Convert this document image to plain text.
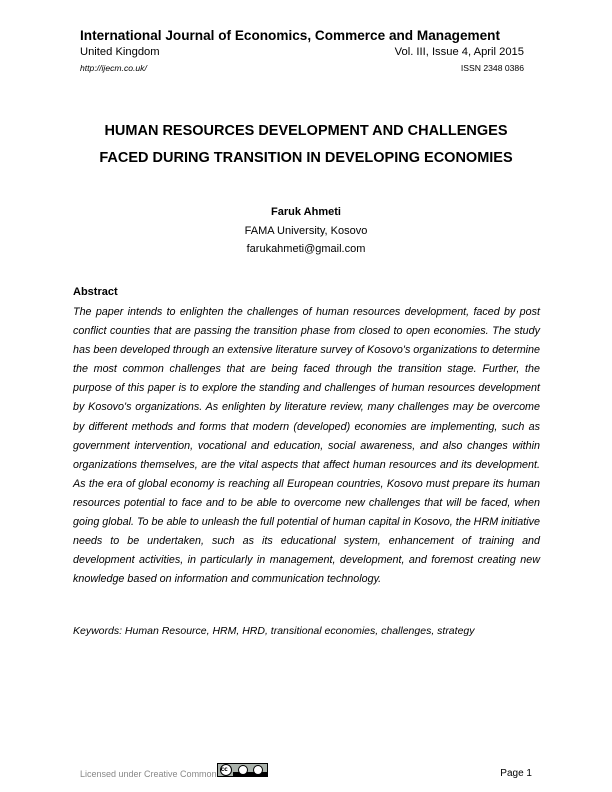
International Journal of Economics, Commerce and Management
United Kingdom	Vol. III, Issue 4, April 2015
http://ijecm.co.uk/	ISSN 2348 0386
HUMAN RESOURCES DEVELOPMENT AND CHALLENGES
FACED DURING TRANSITION IN DEVELOPING ECONOMIES
Faruk Ahmeti
FAMA University, Kosovo
farukahmeti@gmail.com
Abstract

The paper intends to enlighten the challenges of human resources development, faced by post conflict counties that are passing the transition phase from closed to open economies. The study has been developed through an extensive literature survey of Kosovo's organizations to determine the most common challenges that are being faced through the transition stage. Further, the purpose of this paper is to explore the standing and challenges of human resources development by Kosovo's organizations. As enlighten by literature review, many challenges may be overcome by different methods and forms that modern (developed) economies are implementing, such as government intervention, vocational and education, social awareness, and also changes within organizations themselves, are the vital aspects that affect human resources and its development. As the era of global economy is reaching all European countries, Kosovo must prepare its human resources potential to face and to be able to overcome new challenges that will be faced, when going global. To be able to unleash the full potential of human capital in Kosovo, the HRM initiative needs to be undertaken, such as its educational system, enhancement of training and development activities, in particularly in management, development, and foremost creating new knowledge based on information and communication technology.

Keywords: Human Resource, HRM, HRD, transitional economies, challenges, strategy
Licensed under Creative Common cc	Page 1
